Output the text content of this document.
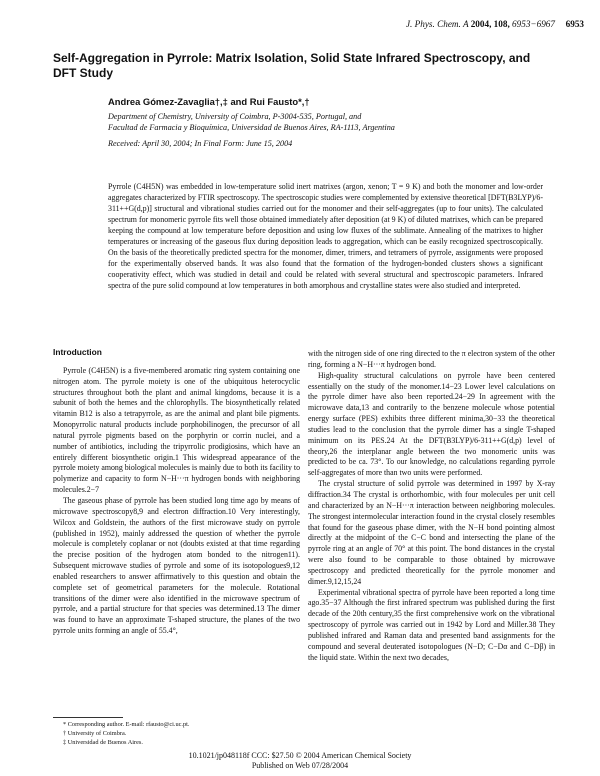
J. Phys. Chem. A 2004, 108, 6953−6967 6953
Self-Aggregation in Pyrrole: Matrix Isolation, Solid State Infrared Spectroscopy, and DFT Study
Andrea Gómez-Zavaglia†,‡ and Rui Fausto*,†
Department of Chemistry, University of Coimbra, P-3004-535, Portugal, and
Facultad de Farmacia y Bioquímica, Universidad de Buenos Aires, RA-1113, Argentina
Received: April 30, 2004; In Final Form: June 15, 2004
Pyrrole (C4H5N) was embedded in low-temperature solid inert matrixes (argon, xenon; T = 9 K) and both the monomer and low-order aggregates characterized by FTIR spectroscopy. The spectroscopic studies were complemented by extensive theoretical [DFT(B3LYP)/6-311++G(d,p)] structural and vibrational studies carried out for the monomer and their self-aggregates (up to four units). The calculated spectrum for monomeric pyrrole fits well those obtained immediately after deposition (at 9 K) of diluted matrixes, which can be prepared keeping the compound at low temperature before deposition and using low fluxes of the sublimate. Annealing of the matrixes to higher temperatures or increasing of the gaseous flux during deposition leads to aggregation, which can be easily recognized spectroscopically. On the basis of the theoretically predicted spectra for the monomer, dimer, trimers, and tetramers of pyrrole, assignments were proposed for the experimentally observed bands. It was also found that the formation of the hydrogen-bonded clusters shows a significant cooperativity effect, which was studied in detail and could be related with several structural and spectroscopic parameters. Infrared spectra of the pure solid compound at low temperatures in both amorphous and crystalline states were also studied and interpreted.
Introduction

Pyrrole (C4H5N) is a five-membered aromatic ring system containing one nitrogen atom. The pyrrole moiety is one of the ubiquitous heterocyclic structures throughout both the plant and animal kingdoms, because it is a subunit of both the hemes and the chlorophylls. The biosynthetically related vitamin B12 is also a tetrapyrrole, as are the animal and plant bile pigments. Monopyrrolic natural products include porphobilinogen, the precursor of all natural pyrrole pigments based on the porphyrin or corrin nuclei, and a number of antibiotics, including the tripyrrolic prodigiosins, which have an entirely different biosynthetic origin.1 This widespread appearance of the pyrrole moiety among biological molecules is mainly due to both its facility to polymerize and capacity to form N−H···π hydrogen bonds with neighboring molecules.2−7

The gaseous phase of pyrrole has been studied long time ago by means of microwave spectroscopy8,9 and electron diffraction.10 Very interestingly, Wilcox and Goldstein, the authors of the first microwave study on pyrrole (published in 1952), mainly addressed the question of whether the pyrrole molecule is completely coplanar or not (doubts existed at that time regarding the precise position of the hydrogen atom bonded to the nitrogen11). Subsequent microwave studies of pyrrole and some of its isotopologues9,12 enabled researchers to answer affirmatively to this question and obtain the complete set of geometrical parameters for the molecule. Rotational transitions of the dimer were also identified in the microwave spectrum of pyrrole, and a partial structure for that species was determined.13 The dimer was found to have an approximate T-shaped structure, the planes of the two pyrrole units forming an angle of 55.4°,

with the nitrogen side of one ring directed to the π electron system of the other ring, forming a N−H···π hydrogen bond.

High-quality structural calculations on pyrrole have been centered essentially on the study of the monomer.14−23 Lower level calculations on the pyrrole dimer have also been reported.24−29 In agreement with the microwave data,13 and contrarily to the benzene molecule whose potential energy surface (PES) exhibits three different minima,30−33 the theoretical studies lead to the conclusion that the pyrrole dimer has a single T-shaped minimum on its PES.24 At the DFT(B3LYP)/6-311++G(d,p) level of theory,26 the interplanar angle between the two monomeric units was predicted to be ca. 73°. To our knowledge, no calculations regarding pyrrole self-aggregates of more than two units were performed.

The crystal structure of solid pyrrole was determined in 1997 by X-ray diffraction.34 The crystal is orthorhombic, with four molecules per unit cell and characterized by an N−H···π interaction between neighboring molecules. The strongest intermolecular interaction found in the crystal closely resembles that found for the gaseous phase dimer, with the N−H bond pointing almost directly at the midpoint of the C−C bond and intersecting the plane of the pyrrole ring at an angle of 70° at this point. The bond distances in the crystal were also found to be comparable to those obtained by microwave spectroscopy and predicted theoretically for the pyrrole monomer and dimer.9,12,15,24

Experimental vibrational spectra of pyrrole have been reported a long time ago.35−37 Although the first infrared spectrum was published during the first decade of the 20th century,35 the first comprehensive work on the vibrational spectroscopy of pyrrole was carried out in 1942 by Lord and Miller.38 They published infrared and Raman data and presented band assignments for the compound and several deuterated isotopologues (N−D; C−Dα and C−Dβ) in the liquid state. Within the next two decades,

* Corresponding author. E-mail: rfausto@ci.uc.pt.
† University of Coimbra.
‡ Universidad de Buenos Aires.
10.1021/jp048118f CCC: $27.50 © 2004 American Chemical Society
Published on Web 07/28/2004
